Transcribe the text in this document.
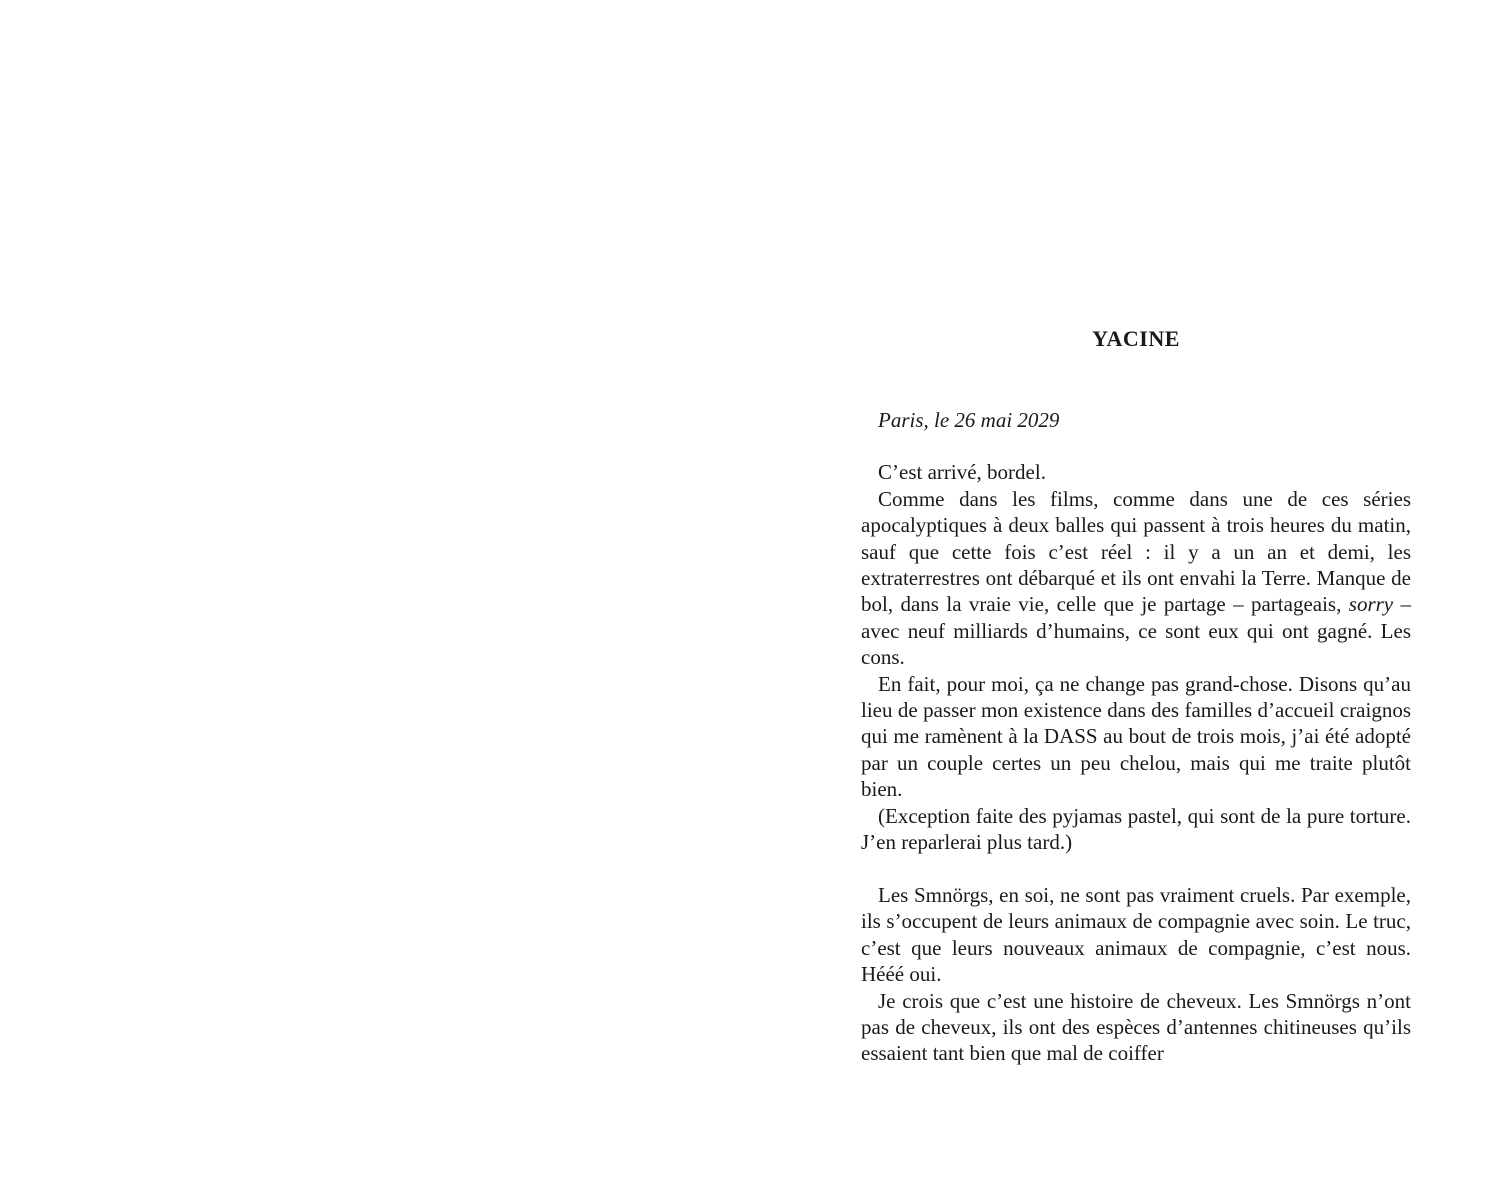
YACINE

Paris, le 26 mai 2029

C’est arrivé, bordel.

Comme dans les films, comme dans une de ces séries apocalyptiques à deux balles qui passent à trois heures du matin, sauf que cette fois c’est réel : il y a un an et demi, les extraterrestres ont débarqué et ils ont envahi la Terre. Manque de bol, dans la vraie vie, celle que je partage – partageais, sorry – avec neuf milliards d’humains, ce sont eux qui ont gagné. Les cons.

En fait, pour moi, ça ne change pas grand-chose. Disons qu’au lieu de passer mon existence dans des familles d’accueil craignos qui me ramènent à la DASS au bout de trois mois, j’ai été adopté par un couple certes un peu chelou, mais qui me traite plutôt bien.

(Exception faite des pyjamas pastel, qui sont de la pure torture. J’en reparlerai plus tard.)

Les Smnörgs, en soi, ne sont pas vraiment cruels. Par exemple, ils s’occupent de leurs animaux de compagnie avec soin. Le truc, c’est que leurs nouveaux animaux de compagnie, c’est nous. Hééé oui.

Je crois que c’est une histoire de cheveux. Les Smnörgs n’ont pas de cheveux, ils ont des espèces d’antennes chitineuses qu’ils essaient tant bien que mal de coiffer
